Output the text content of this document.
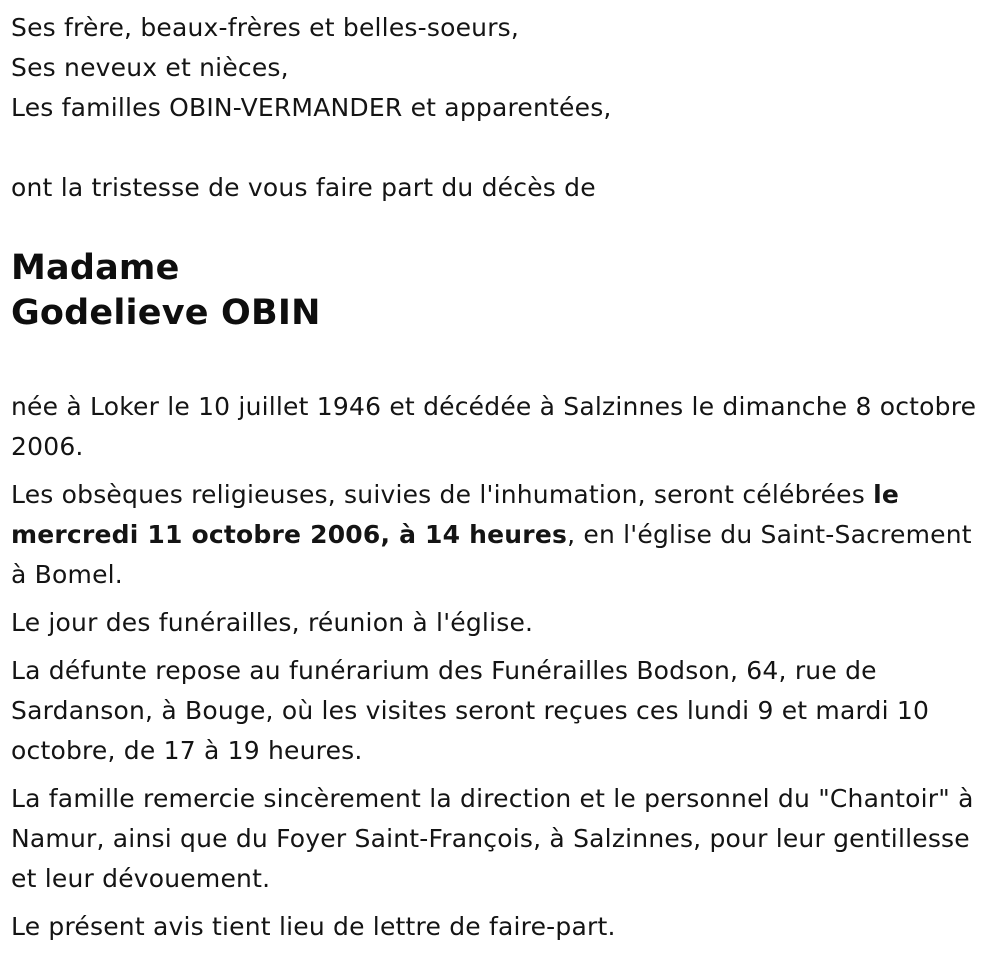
Ses frère, beaux-frères et belles-soeurs,
Ses neveux et nièces,
Les familles OBIN-VERMANDER et apparentées,
ont la tristesse de vous faire part du décès de
Madame
Godelieve OBIN

née à Loker le 10 juillet 1946 et décédée à Salzinnes le dimanche 8 octobre 2006.

Les obsèques religieuses, suivies de l'inhumation, seront célébrées le mercredi 11 octobre 2006, à 14 heures, en l'église du Saint-Sacrement à Bomel.

Le jour des funérailles, réunion à l'église.

La défunte repose au funérarium des Funérailles Bodson, 64, rue de Sardanson, à Bouge, où les visites seront reçues ces lundi 9 et mardi 10 octobre, de 17 à 19 heures.

La famille remercie sincèrement la direction et le personnel du "Chantoir" à Namur, ainsi que du Foyer Saint-François, à Salzinnes, pour leur gentillesse et leur dévouement.

Le présent avis tient lieu de lettre de faire-part.
